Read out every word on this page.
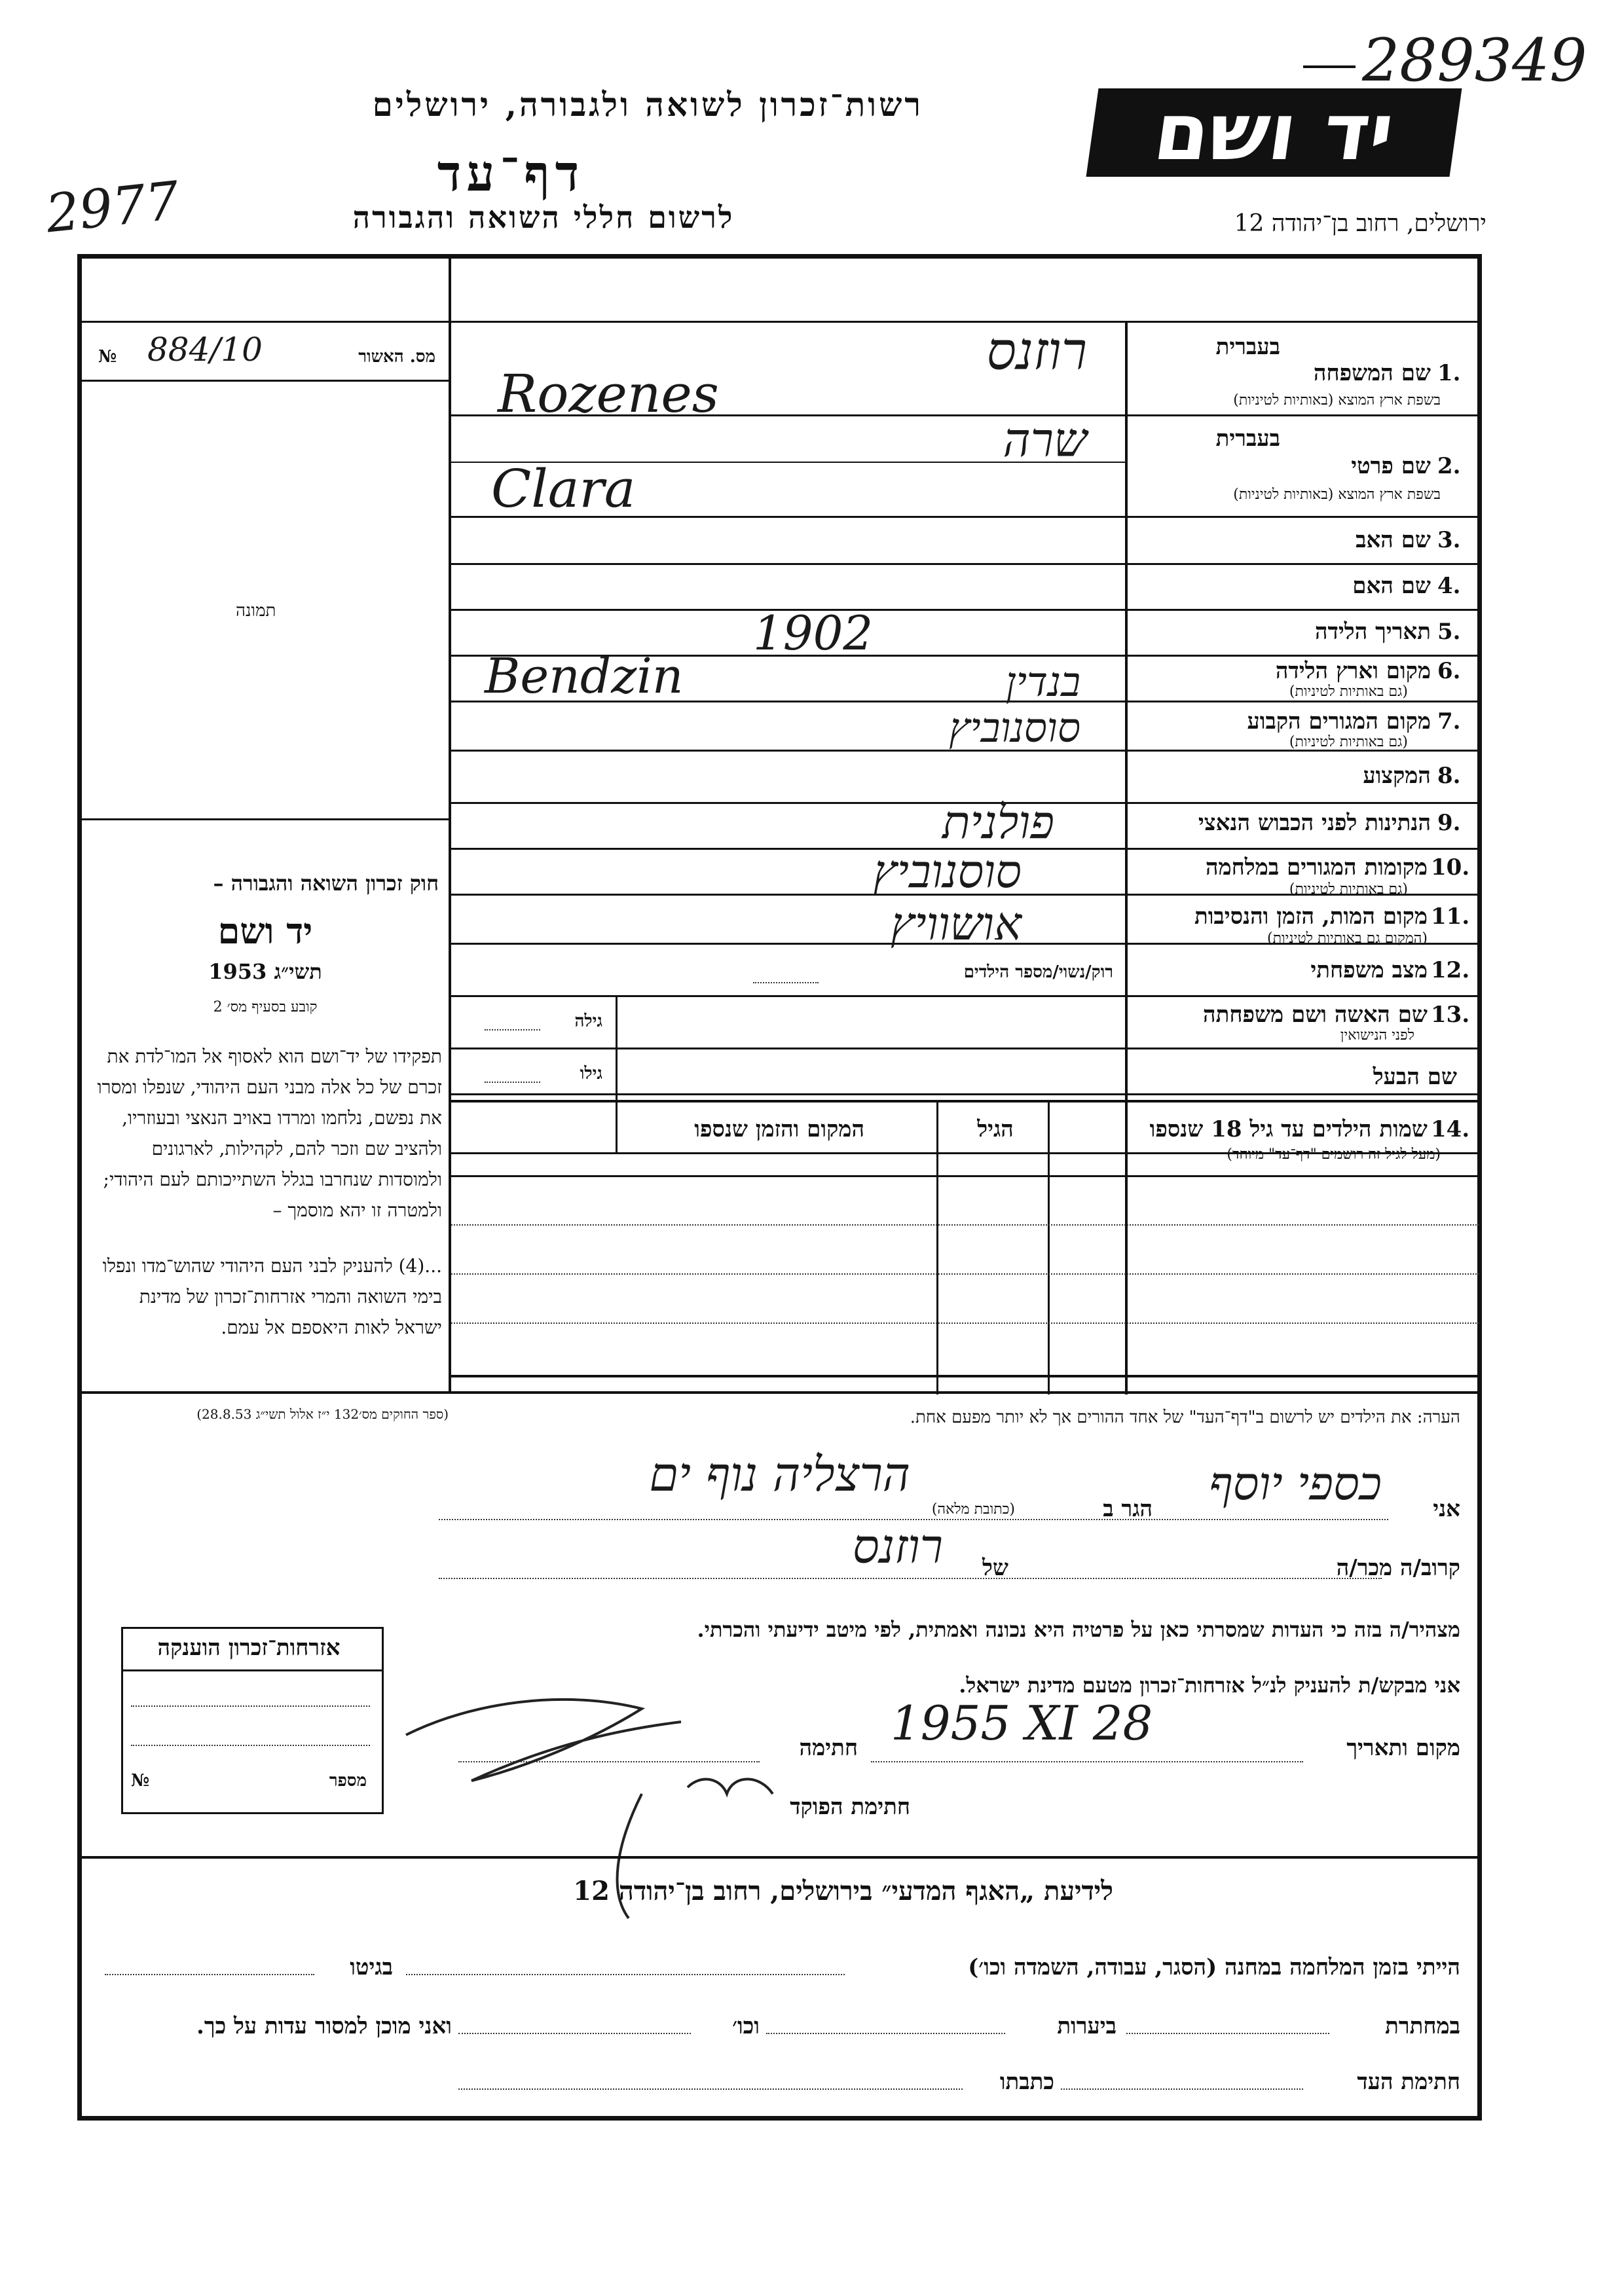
יד ושם
רשות־זכרון לשואה ולגבורה, ירושלים
דף־עד
לרשום חללי השואה והגבורה	ירושלים, רחוב בן־יהודה 12
289349
2977
№ 884/10	מס. האשור
תמונה
חוק זכרון השואה והגבורה –
יד ושם
תשי״ג 1953
קובע בסעיף מס׳ 2
תפקידו של יד־ושם הוא לאסוף אל המו־לדת את זכרם של כל אלה מבני העם היהודי, שנפלו ומסרו את נפשם, נלחמו ומרדו באויב הנאצי ובעוזריו, ולהציב שם וזכר להם, לקהילות, לארגונים ולמוסדות שנחרבו בגלל השתייכותם לעם היהודי; ולמטרה זו יהא מוסמך –
...(4) להעניק לבני העם היהודי שהוש־מדו ונפלו בימי השואה והמרי אזרחות־זכרון של מדינת ישראל לאות היאספם אל עמם.
(ספר החוקים מס׳132 י״ז אלול תשי״ג 28.8.53)
בעברית
1.
שם המשפחה
בשפת ארץ המוצא (באותיות לטיניות)
רוזנס
Rozenes
בעברית
2.
שם פרטי
בשפת ארץ המוצא (באותיות לטיניות)
שרה
Clara
3.
שם האב
4.
שם האם
5.
תאריך הלידה
1902
6.
מקום וארץ הלידה
(גם באותיות לטיניות)
Bendzin	בנדין
7.
מקום המגורים הקבוע
(גם באותיות לטיניות)
סוסנוביץ
8.
המקצוע
9.
הנתינות לפני הכבוש הנאצי
פולנית
10.
מקומות המגורים במלחמה
(גם באותיות לטיניות)
סוסנוביץ
11.
מקום המות, הזמן והנסיבות
(המקום גם באותיות לטיניות)
אושוויץ
12.
מצב משפחתי
רוק/נשוי/מספר הילדים
13.
שם האשה ושם משפחתה
לפני הנישואין
גילה
שם הבעל
גילו
14.
שמות הילדים עד גיל 18 שנספו
(מעל לגיל זה רושמים "דף־עד" מיוחד)
הגיל
המקום והזמן שנספו
הערה: את הילדים יש לרשום ב"דף־העד" של אחד ההורים אך לא יותר מפעם אחת.
אני
כספי יוסף
הגר ב
(כתובת מלאה)
הרצליה נוף ים
קרוב/ה מכר/ה
של
רוזנס
מצהיר/ה בזה כי העדות שמסרתי כאן על פרטיה היא נכונה ואמתית, לפי מיטב ידיעתי והכרתי.
אני מבקש/ת להעניק לנ״ל אזרחות־זכרון מטעם מדינת ישראל.
מקום ותאריך
1955 XI 28
חתימה
חתימת הפוקד
אזרחות־זכרון הוענקה
№	מספר
לידיעת „האגף המדעי״ בירושלים, רחוב בן־יהודה 12
הייתי בזמן המלחמה במחנה (הסגר, עבודה, השמדה וכו׳)
בגיטו
במחתרת
ביערות
וכו׳
ואני מוכן למסור עדות על כך.
חתימת העד
כתבתו
